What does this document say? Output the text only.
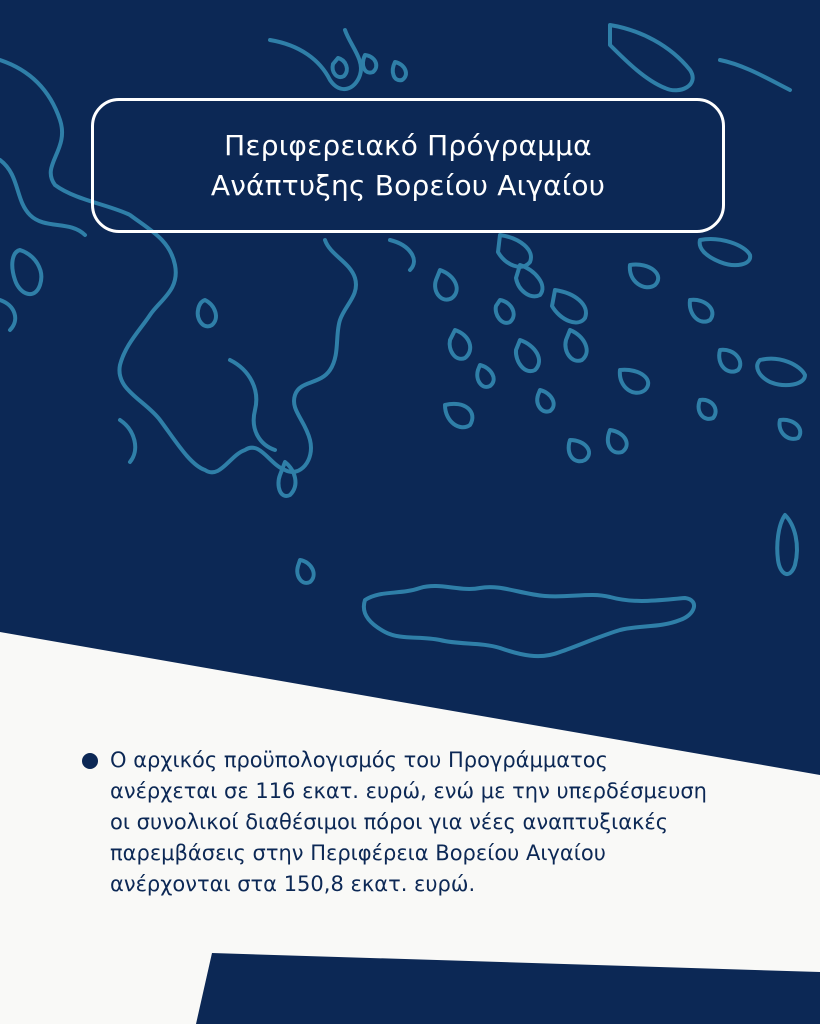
Περιφερειακό Πρόγραμμα
Ανάπτυξης Βορείου Αιγαίου
Ο αρχικός προϋπολογισμός του Προγράμματος
ανέρχεται σε 116 εκατ. ευρώ, ενώ με την υπερδέσμευση
οι συνολικοί διαθέσιμοι πόροι για νέες αναπτυξιακές
παρεμβάσεις στην Περιφέρεια Βορείου Αιγαίου
ανέρχονται στα 150,8 εκατ. ευρώ.
